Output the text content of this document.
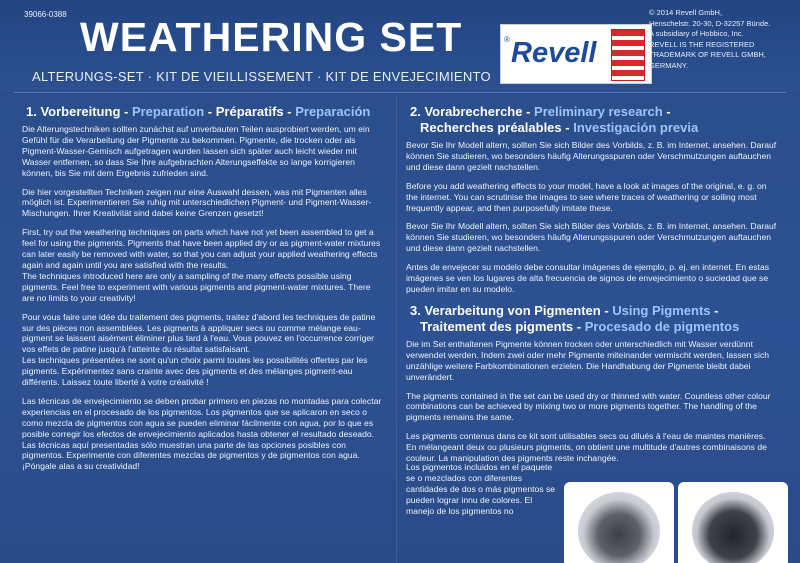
39066-0388 WEATHERING SET
ALTERUNGS-SET · KIT DE VIEILLISSEMENT · KIT DE ENVEJECIMIENTO
® Revell
© 2014 Revell GmbH,
Henschelstr. 20-30, D-32257 Bünde.
A subsidiary of Hobbico, Inc.
REVELL IS THE REGISTERED
TRADEMARK OF REVELL GMBH,
GERMANY.
1. Vorbereitung - Preparation - Préparatifs - Preparación

Die Alterungstechniken sollten zunächst auf unverbauten Teilen ausprobiert werden, um ein Gefühl für die Verarbeitung der Pigmente zu bekommen. Pigmente, die trocken oder als Pigment-Wasser-Gemisch aufgetragen wurden lassen sich später auch leicht wieder mit Wasser entfernen, so dass Sie Ihre aufgebrachten Alterungseffekte so lange korrigieren können, bis Sie mit dem Ergebnis zufrieden sind.

Die hier vorgestellten Techniken zeigen nur eine Auswahl dessen, was mit Pigmenten alles möglich ist. Experimentieren Sie ruhig mit unterschiedlichen Pigment- und Pigment-Wasser-Mischungen. Ihrer Kreativität sind dabei keine Grenzen gesetzt!

First, try out the weathering techniques on parts which have not yet been assembled to get a feel for using the pigments. Pigments that have been applied dry or as pigment-water mixtures can later easily be removed with water, so that you can adjust your applied weathering effects again and again until you are satisfied with the results.

The techniques introduced here are only a sampling of the many effects possible using pigments. Feel free to experiment with various pigments and pigment-water mixtures. There are no limits to your creativity!

Pour vous faire une idée du traitement des pigments, traitez d'abord les techniques de patine sur des pièces non assemblées. Les pigments à appliquer secs ou comme mélange eau-pigment se laissent aisément éliminer plus tard à l'eau. Vous pouvez en l'occurrence corriger vos effets de patine jusqu'à l'atteinte du résultat satisfaisant.

Les techniques présentées ne sont qu'un choix parmi toutes les possibilités offertes par les pigments. Expérimentez sans crainte avec des pigments et des mélanges pigment-eau différents. Laissez toute liberté à votre créativité !

Las técnicas de envejecimiento se deben probar primero en piezas no montadas para colectar experiencias en el procesado de los pigmentos. Los pigmentos que se aplicaron en seco o como mezcla de pigmentos con agua se pueden eliminar fácilmente con agua, por lo que es posible corregir los efectos de envejecimiento aplicados hasta obtener el resultado deseado.

Las técnicas aquí presentadas sólo muestran una parte de las opciones posibles con pigmentos. Experimente con diferentes mezclas de pigmentos y de pigmentos con agua. ¡Póngale alas a su creatividad!

2. Vorabrecherche - Preliminary research -
Recherches préalables - Investigación previa

Bevor Sie Ihr Modell altern, sollten Sie sich Bilder des Vorbilds, z. B. im Internet, ansehen. Darauf können Sie studieren, wo besonders häufig Alterungsspuren oder Verschmutzungen auftauchen und diese dann gezielt nachstellen.

Before you add weathering effects to your model, have a look at images of the original, e. g. on the internet. You can scrutinise the images to see where traces of weathering or soiling most frequently appear, and then purposefully imitate these.

Bevor Sie Ihr Modell altern, sollten Sie sich Bilder des Vorbilds, z. B. im Internet, ansehen. Darauf können Sie studieren, wo besonders häufig Alterungsspuren oder Verschmutzungen auftauchen und diese dann gezielt nachstellen.

Antes de envejecer su modelo debe consultar imágenes de ejemplo, p. ej. en internet. En estas imágenes se ven los lugares de alta frecuencia de signos de envejecimiento o suciedad que se pueden imitar en su modelo.

3. Verarbeitung von Pigmenten - Using Pigments -
Traitement des pigments - Procesado de pigmentos

Die im Set enthaltenen Pigmente können trocken oder unterschiedlich mit Wasser verdünnt verwendet werden. Indem zwei oder mehr Pigmente miteinander vermischt werden, lassen sich unzählige weitere Farbkombinationen erzielen. Die Handhabung der Pigmente bleibt dabei unverändert.

The pigments contained in the set can be used dry or thinned with water. Countless other colour combinations can be achieved by mixing two or more pigments together. The handling of the pigments remains the same.

Les pigments contenus dans ce kit sont utilisables secs ou dilués à l'eau de maintes manières. En mélangeant deux ou plusieurs pigments, on obtient une multitude d'autres combinaisons de couleur. La manipulation des pigments reste inchangée.

Los pigmentos incluidos en el paquete se o mezclados con diferentes cantidades de dos o más pigmentos se pueden lograr innu de colores. El manejo de los pigmentos no
